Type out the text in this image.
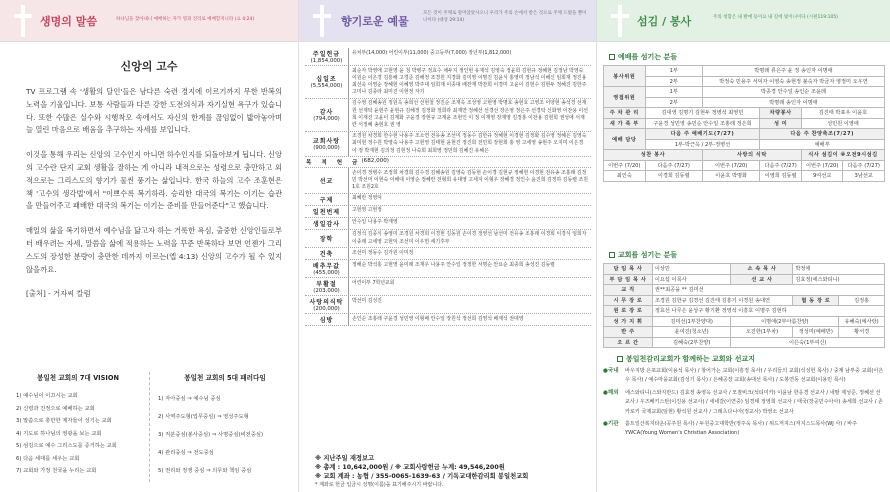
생명의 말씀	하나님을 찾아내니 예배하는 자가 영과 진리로 예배할지니라 (요 4:24)
신앙의 고수

TV 프로그램 속 '생활의 달인'들은 남다른 숙련 경지에 이르기까지 무한 반복의 노력을 기울입니다. 보통 사람들과 다른 강한 도전의식과 자기실현 욕구가 있습니다. 또한 수많은 실수와 시행착오 속에서도 자신의 한계를 끊임없이 밟아놓아며 늘 열린 마음으로 배움을 추구하는 자세를 보입니다.

이것을 통해 우리는 신앙의 고수인지 아니면 하수인지를 되돌아보게 됩니다. 신앙의 고수란 단지 교회 생활을 잘하는 게 아니라 내적으로는 성령으로 충만하고 외적으로는 그리스도의 향기가 물씬 풍기는 삶입니다. 한국 하늘의 고수 조훈현은 책 '고수의 생각법'에서 "이쁘수록 복기하라. 승리한 대국의 복기는 이기는 습관을 만들어주고 패배한 대국의 복기는 이기는 준비를 만들어준다"고 했습니다.

매일의 삶을 복기하면서 예수님을 닮고자 하는 거룩한 욕심, 출중한 신앙인들로부터 배우려는 자세, 말씀을 삶에 적용하는 노력을 꾸준 반복하다 보면 언젠가 그리스도의 장성한 분량이 충만한 데까지 이르는(엡 4:13) 신앙의 고수가 될 수 있지 않을까요.

[출처] - 거자씨 칼럼

봉일천 교회의 7대 VISION
1) 예수님이 이끄시는 교회
2) 신령과 진정으로 예배하는 교회
3) 말씀으로 충만한 제자들이 성기는 교회
4) 기도로 하나님의 영광을 보는 교회
5) 섬김으로 예수 그리스도를 증거하는 교회
6) 다음 세대를 세우는 교회
7) 교회와 가정 천국을 누리는 교회
봉일천 교회의 5대 패러다임
1) 자아중심 ⇒ 예수님 중심
2) 사역주도형(업무중심) ⇒ 영성주도형
3) 직분중심(봉사중심) ⇒ 사명중심(비전중심)
4) 관리중심 ⇒ 전도중심
5) 권리와 정쟁 중심 ⇒ 의무와 책임 중심
향기로운 예물
모든 것이 주께로 말미암았사오니 우리가 주의 손에서 받은 것으로 주께 드렸을 뿐이니이다 (대상 29:14)
주일헌금
(1,854,000)
유치부(14,000) 어린이부(11,000) 중고등부(7,000) 장년부(1,812,000)
십일조
(5,554,000)
최순자 박영애 고현영 윤 청 박병구 정효수 채두지 생인현 유재석 김영숙 정윤희 김현규 정혜현 김정남 박영숙 이원순 이은경 김흥해 고경준 김해정 조경원 지경화 김미영 이명진 김윤식 홍영미 정남석 이해신 임희재 정진용 최선욱 이영순 장혜현 이혜영 박주대 임희재 이종대 배찬재 박찬희 이경미 고윤이 김현수 김현두 정혜진 김한주 고미나 김종라 최미진 이현정 자기
감사
(794,000)
김수영 김혜송원 정원옥 송희선 선현철 정진순 조재옥 조성영 고현영 박명호 송현호 고영조 이양현 송석경 선재원 선재탁 윤현주 윤현규 김해정 김정화 정희라 최재연 정혜선 선경선 장은영 정은주 선경탁 신화영 이찬용 이선희 이재진 고윤이 김계화 구윤경 장현규 고재윤 조현인 이 정 이재영 장재영 김정홍 이찬용 김현희 권성애 서재란 서정혜 송현호 권 영
교회사랑
(900,000)
조경원 차경희 한수현 나용주 조소연 전유송 조선미 정동수 김한규 정혜현 이경현 김정화 김수영 정혜은 김영숙 최미현 정수원 박영숙 나용주 고현영 김태현 윤현진 정진희 전민희 장현희 홍 영 고세영 송현주 오지미 이은경 이 정 박재현 김의정 김현정 나숙희 최희영 정민희 김혜진 유혜은
목 적 헌 금 (682,000)
선교
손이경 정병수 조정희 차경희 김수경 김혜송원 김영숙 김동현 손이경 김현규 정혜현 이경현 전유송 조홍래 김정민 박선미 이현숙 이해대 이영순 정혜란 전형희 유대영 고세지 이형우 장혜경 정인수 윤진희 김정하 김동렬 조원1호 조원2호
구제	최혜란 정영덕
일천번제	고현영 고현정
생일감사	안수일 나용주 박재영
장학
김정석 김종식 송영미 조경원 차경희 이경현 김동원 손이경 정영선 남선미 전유송 조홍래 이경희 이경식 임희자 이종래 고세영 고현익 조선미 이우헌 세기후부
건축	조선미 정동수 김가원 이미정
배추무값
(455,000)
정해순 박석홍 고현영 윤미래 조재우 나용주 안수일 정정한 서명순 안요순 최종희 송성진 김동렬
부활절
(203,000)
어린이부 7학년교회
사랑의식탁
(200,000)
박선미 김성진
심방	손인순 조홍래 구윤경 성민영 이형배 안수일 장원석 정선희 김영석 배재석 권대영
※ 지난주일 재정보고
※ 총계 : 10,642,000원 / ※ 교회사랑헌금 누계: 49,546,200원
※ 교회 계좌 : 농협 / 355-0065-1639-63 / 기독교대한감리회 봉일천교회
* 계좌로 헌금 입금시 성명(이름)을 표기해주시기 바랍니다.
섬김 / 봉사	주의 청함은 내 발에 등이요 내 길에 빛이니이다 (시편119:105)
예배를 섬기는 분들
봉사위원	1부	박명래 류은주 윤 정 송인자 이명애			
	2부	박정숙 민용주 서덕자 이영숙 송현정 불숙자 박금자 영정미 오우연			
영접위원	1부	박종경 안수일 송인순 조윤례			
	2부	박명래 송인자 이명애			
주 차 관 리	김대영 김명기 김현두 정병석 최영민		차량봉사	김진태 박표우 이윤호	
새 가 족 부	구윤경 성민영 송민순 안수일 조홍래 정은희		성 미	성민원 이영애	
예배 담당	다음 주 예배기도(7/27)		다음 주 찬양축조(7/27)		
	1부-박근옥 / 2부-정병선		예배부		
성찬 봉사		사랑의 식탁		식사 섬김이 ※오전9시섬김	
이번주 (7/20)	다음주 (7/27)	이번주 (7/20)	다음주 (7/27)	이번주 (7/20)	다음주 (7/27)
최인숙	이경희 김동렬	이윤호 박명화	이영희 김동렬	9여선교	3남선교
교회를 섬기는 분들
담 임 목 사	이상민	소 속 목 사	박정애	
부 담 임 목 사	이요섭 이목사	선 교 사	김효정(에스와티니)	
교 직	권**최공을 ** 김미선			
시 무 장 로	조경원 김한규 김경선 김진태 김흥기 이경원 송대연		협 동 장 로	김정홍
원 로 장 로	정효선 나무은 윤상구 황기환 정영석 이흥호 이명주 김현하			
성 가 지 휘	김미선(1부찬양대)	이명애(2부아름찬양)		유혜숙(예사랑)
반 주	윤여진(청소년)	오진한(1부차)	정성미(예배반)	황서경
오 르 간	김혜숙(2부찬양)	이은숙(1부여신)		
봉일천감리교회가 함께하는 교회와 선교지
●국내	바우지방 은포교회(이용석 목사) / 창어가는 교회(이흥정 목사) / 우리들의 교회(석성헌 목사) / 중계 남부중 교회(이은우 목사) / 예수마을교회(김성기 목사) / 은혜공장 교회(송대선 목사) / 도봉연동 선교회(이용민 목사)
●해외	에스와티니(스와지란드) 김효정 송영옥 선교사 / 모잠비크(석티미카) 이윤남 한응경 선교사 / 네팔 제성준, 정혜선 선교사 / 우즈베키스탄(이진용 선교사) / 세네갈(이연중) 임경태 정영희 선교사 / 태국(장공민수아사) 송세희 선교사 / 존카로키 국제교회(임현) 황석원 선교사 / 그래츠다니아(정교사) 박영소 선교사
●기관	홀트일산복지타운(공주원 목사) / 두원중고대학반(정주욱 목사) / 위드저지스(저지스드목사(WJ 사) / 바주 YWCA(Young Women's Christian Association)
